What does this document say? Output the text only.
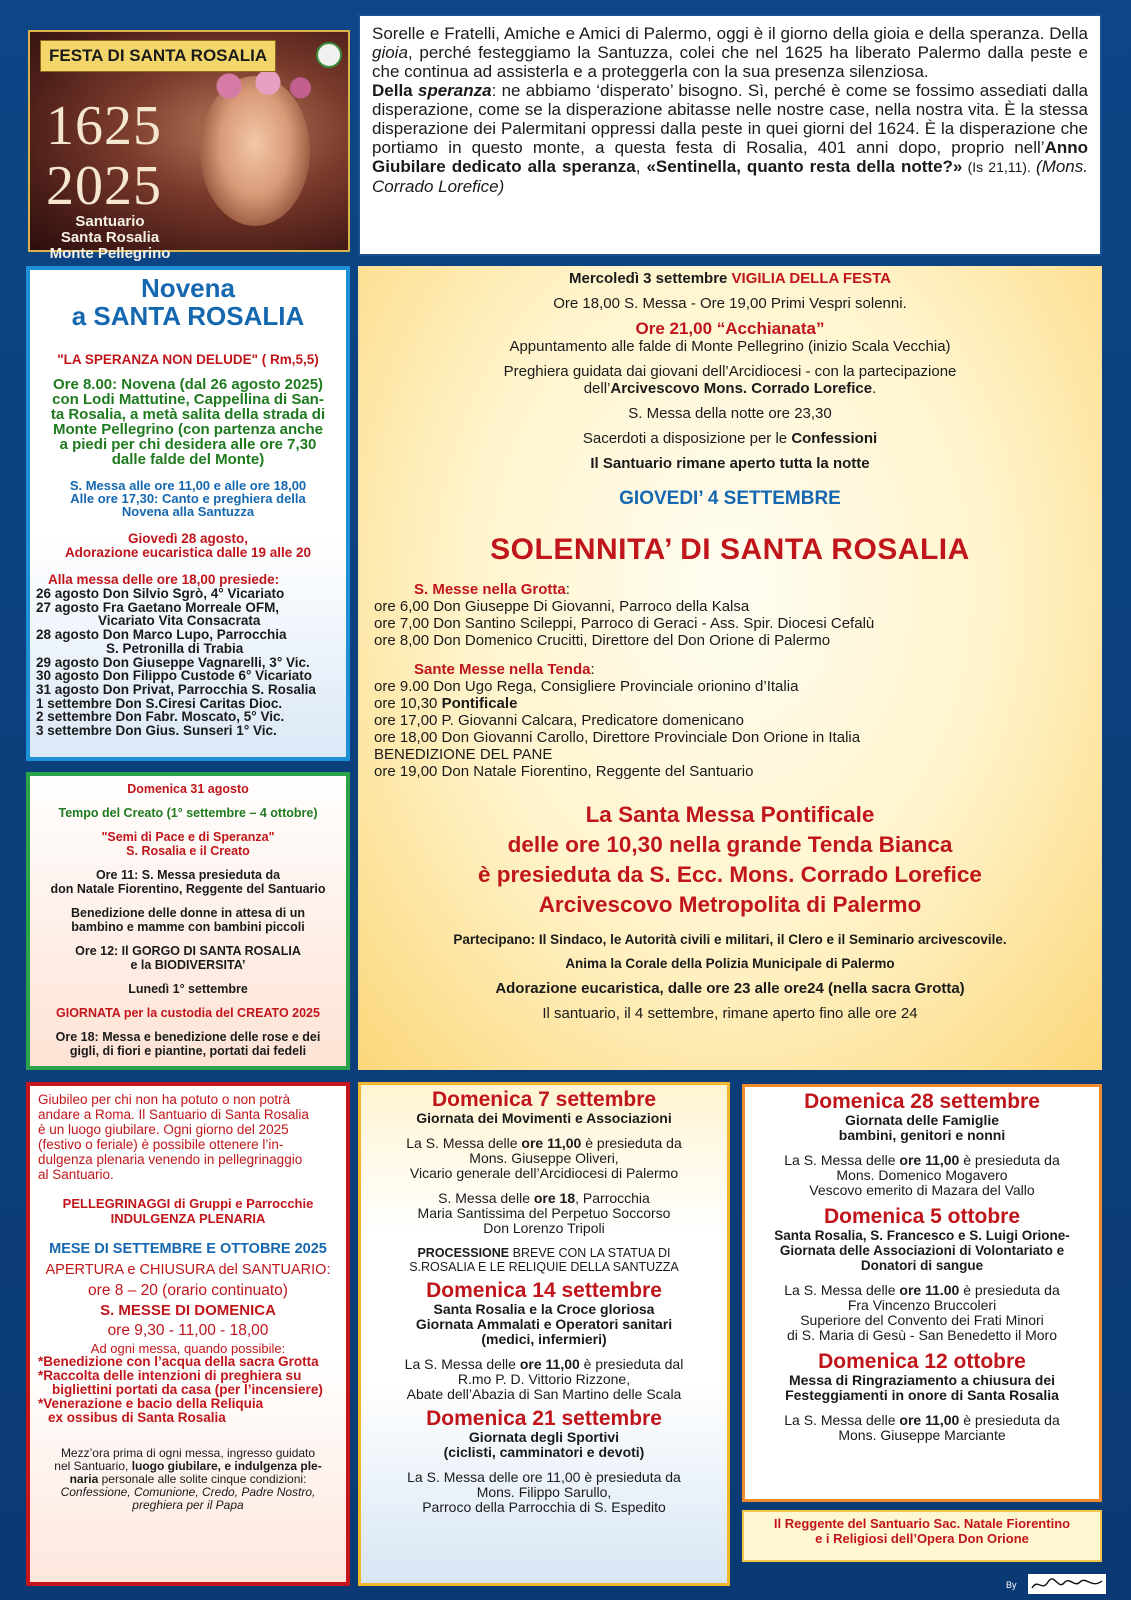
FESTA DI SANTA ROSALIA
1625
2025
Santuario
Santa Rosalia
Monte Pellegrino

Sorelle e Fratelli, Amiche e Amici di Palermo, oggi è il giorno della gioia e della speranza. Della gioia, perché festeggiamo la Santuzza, colei che nel 1625 ha liberato Palermo dalla peste e che continua ad assisterla e a proteggerla con la sua presenza silenziosa.

Della speranza: ne abbiamo ‘disperato’ bisogno. Sì, perché è come se fossimo assediati dalla disperazione, come se la disperazione abitasse nelle nostre case, nella nostra vita. È la stessa disperazione dei Palermitani oppressi dalla peste in quei giorni del 1624. È la disperazione che portiamo in questo monte, a questa festa di Rosalia, 401 anni dopo, proprio nell’Anno Giubilare dedicato alla speranza, «Sentinella, quanto resta della notte?» (Is 21,11). (Mons. Corrado Lorefice)

Novena
a SANTA ROSALIA
"LA SPERANZA NON DELUDE" ( Rm,5,5)
Ore 8.00: Novena (dal 26 agosto 2025)
con Lodi Mattutine, Cappellina di San-
ta Rosalia, a metà salita della strada di
Monte Pellegrino (con partenza anche
a piedi per chi desidera alle ore 7,30
dalle falde del Monte)
S. Messa alle ore 11,00 e alle ore 18,00
Alle ore 17,30: Canto e preghiera della
Novena alla Santuzza
Giovedì 28 agosto,
Adorazione eucaristica dalle 19 alle 20
Alla messa delle ore 18,00 presiede:
26 agosto Don Silvio Sgrò, 4° Vicariato
27 agosto Fra Gaetano Morreale OFM,
Vicariato Vita Consacrata
28 agosto Don Marco Lupo, Parrocchia
S. Petronilla di Trabia
29 agosto Don Giuseppe Vagnarelli, 3° Vic.
30 agosto Don Filippo Custode 6° Vicariato
31 agosto Don Privat, Parrocchia S. Rosalia
1 settembre Don S.Ciresi Caritas Dioc.
2 settembre Don Fabr. Moscato, 5° Vic.
3 settembre Don Gius. Sunseri 1° Vic.
Domenica 31 agosto
Tempo del Creato (1° settembre – 4 ottobre)
"Semi di Pace e di Speranza"
S. Rosalia e il Creato
Ore 11: S. Messa presieduta da
don Natale Fiorentino, Reggente del Santuario
Benedizione delle donne in attesa di un
bambino e mamme con bambini piccoli
Ore 12: Il GORGO DI SANTA ROSALIA
e la BIODIVERSITA’
Lunedì 1° settembre
GIORNATA per la custodia del CREATO 2025
Ore 18: Messa e benedizione delle rose e dei
gigli, di fiori e piantine, portati dai fedeli
Mercoledì 3 settembre VIGILIA DELLA FESTA
Ore 18,00 S. Messa - Ore 19,00 Primi Vespri solenni.
Ore 21,00 “Acchianata”
Appuntamento alle falde di Monte Pellegrino (inizio Scala Vecchia)
Preghiera guidata dai giovani dell’Arcidiocesi - con la partecipazione
dell’Arcivescovo Mons. Corrado Lorefice.
S. Messa della notte ore 23,30
Sacerdoti a disposizione per le Confessioni
Il Santuario rimane aperto tutta la notte
GIOVEDI’ 4 SETTEMBRE
SOLENNITA’ DI SANTA ROSALIA
S. Messe nella Grotta:
ore 6,00 Don Giuseppe Di Giovanni, Parroco della Kalsa
ore 7,00 Don Santino Scileppi, Parroco di Geraci - Ass. Spir. Diocesi Cefalù
ore 8,00 Don Domenico Crucitti, Direttore del Don Orione di Palermo
Sante Messe nella Tenda:
ore 9.00 Don Ugo Rega, Consigliere Provinciale orionino d’Italia
ore 10,30 Pontificale
ore 17,00 P. Giovanni Calcara, Predicatore domenicano
ore 18,00 Don Giovanni Carollo, Direttore Provinciale Don Orione in Italia
BENEDIZIONE DEL PANE
ore 19,00 Don Natale Fiorentino, Reggente del Santuario
La Santa Messa Pontificale
delle ore 10,30 nella grande Tenda Bianca
è presieduta da S. Ecc. Mons. Corrado Lorefice
Arcivescovo Metropolita di Palermo
Partecipano: Il Sindaco, le Autorità civili e militari, il Clero e il Seminario arcivescovile.
Anima la Corale della Polizia Municipale di Palermo
Adorazione eucaristica, dalle ore 23 alle ore24 (nella sacra Grotta)
Il santuario, il 4 settembre, rimane aperto fino alle ore 24
Giubileo per chi non ha potuto o non potrà
andare a Roma. Il Santuario di Santa Rosalia
è un luogo giubilare. Ogni giorno del 2025
(festivo o feriale) è possibile ottenere l’in-
dulgenza plenaria venendo in pellegrinaggio
al Santuario.
PELLEGRINAGGI di Gruppi e Parrocchie
INDULGENZA PLENARIA
MESE DI SETTEMBRE E OTTOBRE 2025
APERTURA e CHIUSURA del SANTUARIO:
ore 8 – 20 (orario continuato)
S. MESSE DI DOMENICA
ore 9,30 - 11,00 - 18,00
Ad ogni messa, quando possibile:
*Benedizione con l’acqua della sacra Grotta
*Raccolta delle intenzioni di preghiera su
bigliettini portati da casa (per l’incensiere)
*Venerazione e bacio della Reliquia
ex ossibus di Santa Rosalia
Mezz’ora prima di ogni messa, ingresso guidato
nel Santuario, luogo giubilare, e indulgenza ple-
naria personale alle solite cinque condizioni:
Confessione, Comunione, Credo, Padre Nostro,
preghiera per il Papa
Domenica 7 settembre
Giornata dei Movimenti e Associazioni
La S. Messa delle ore 11,00 è presieduta da
Mons. Giuseppe Oliveri,
Vicario generale dell’Arcidiocesi di Palermo
S. Messa delle ore 18, Parrocchia
Maria Santissima del Perpetuo Soccorso
Don Lorenzo Tripoli
PROCESSIONE BREVE CON LA STATUA DI
S.ROSALIA E LE RELIQUIE DELLA SANTUZZA
Domenica 14 settembre
Santa Rosalia e la Croce gloriosa
Giornata Ammalati e Operatori sanitari
(medici, infermieri)
La S. Messa delle ore 11,00 è presieduta dal
R.mo P. D. Vittorio Rizzone,
Abate dell’Abazia di San Martino delle Scala
Domenica 21 settembre
Giornata degli Sportivi
(ciclisti, camminatori e devoti)
La S. Messa delle ore 11,00 è presieduta da
Mons. Filippo Sarullo,
Parroco della Parrocchia di S. Espedito
Domenica 28 settembre
Giornata delle Famiglie
bambini, genitori e nonni
La S. Messa delle ore 11,00 è presieduta da
Mons. Domenico Mogavero
Vescovo emerito di Mazara del Vallo
Domenica 5 ottobre
Santa Rosalia, S. Francesco e S. Luigi Orione-
Giornata delle Associazioni di Volontariato e
Donatori di sangue
La S. Messa delle ore 11.00 è presieduta da
Fra Vincenzo Bruccoleri
Superiore del Convento dei Frati Minori
di S. Maria di Gesù - San Benedetto il Moro
Domenica 12 ottobre
Messa di Ringraziamento a chiusura dei
Festeggiamenti in onore di Santa Rosalia
La S. Messa delle ore 11,00 è presieduta da
Mons. Giuseppe Marciante
Il Reggente del Santuario Sac. Natale Fiorentino
e i Religiosi dell’Opera Don Orione
By
